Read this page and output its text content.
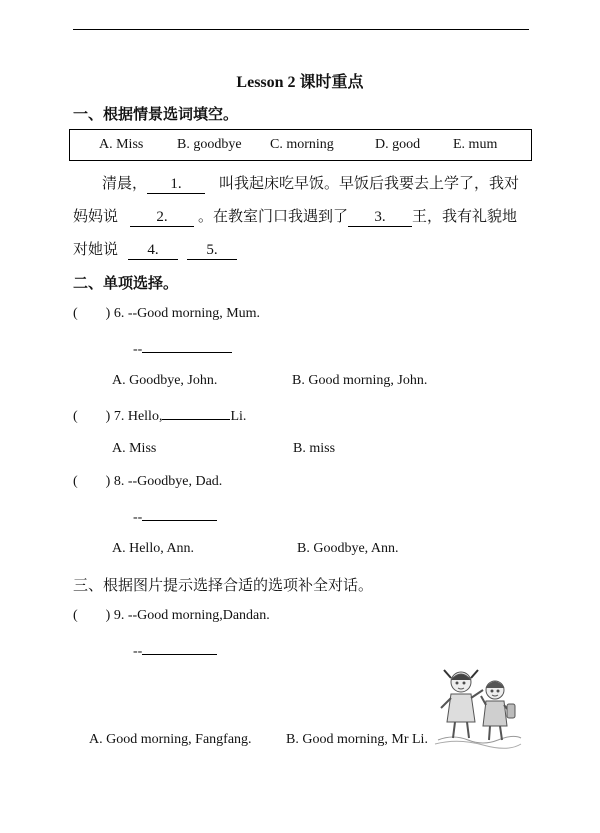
Lesson 2 课时重点
一、根据情景选词填空。
A. Miss B. goodbye C. morning	D. good E. mum
清晨， 1. 叫我起床吃早饭。早饭后我要去上学了，我对
妈妈说	2. 。在教室门口我遇到了 3. 王，我有礼貌地
对她说 4.	5.
二、单项选择。
( ) 6. --Good morning, Mum.
--
A. Goodbye, John.	B. Good morning, John.
( ) 7. Hello,	Li.
A. Miss	B. miss
( ) 8. --Goodbye, Dad.
--
A. Hello, Ann.	B. Goodbye, Ann.
三、根据图片提示选择合适的选项补全对话。
( ) 9. --Good morning,Dandan.
--
A. Good morning, Fangfang. B. Good morning, Mr Li.
